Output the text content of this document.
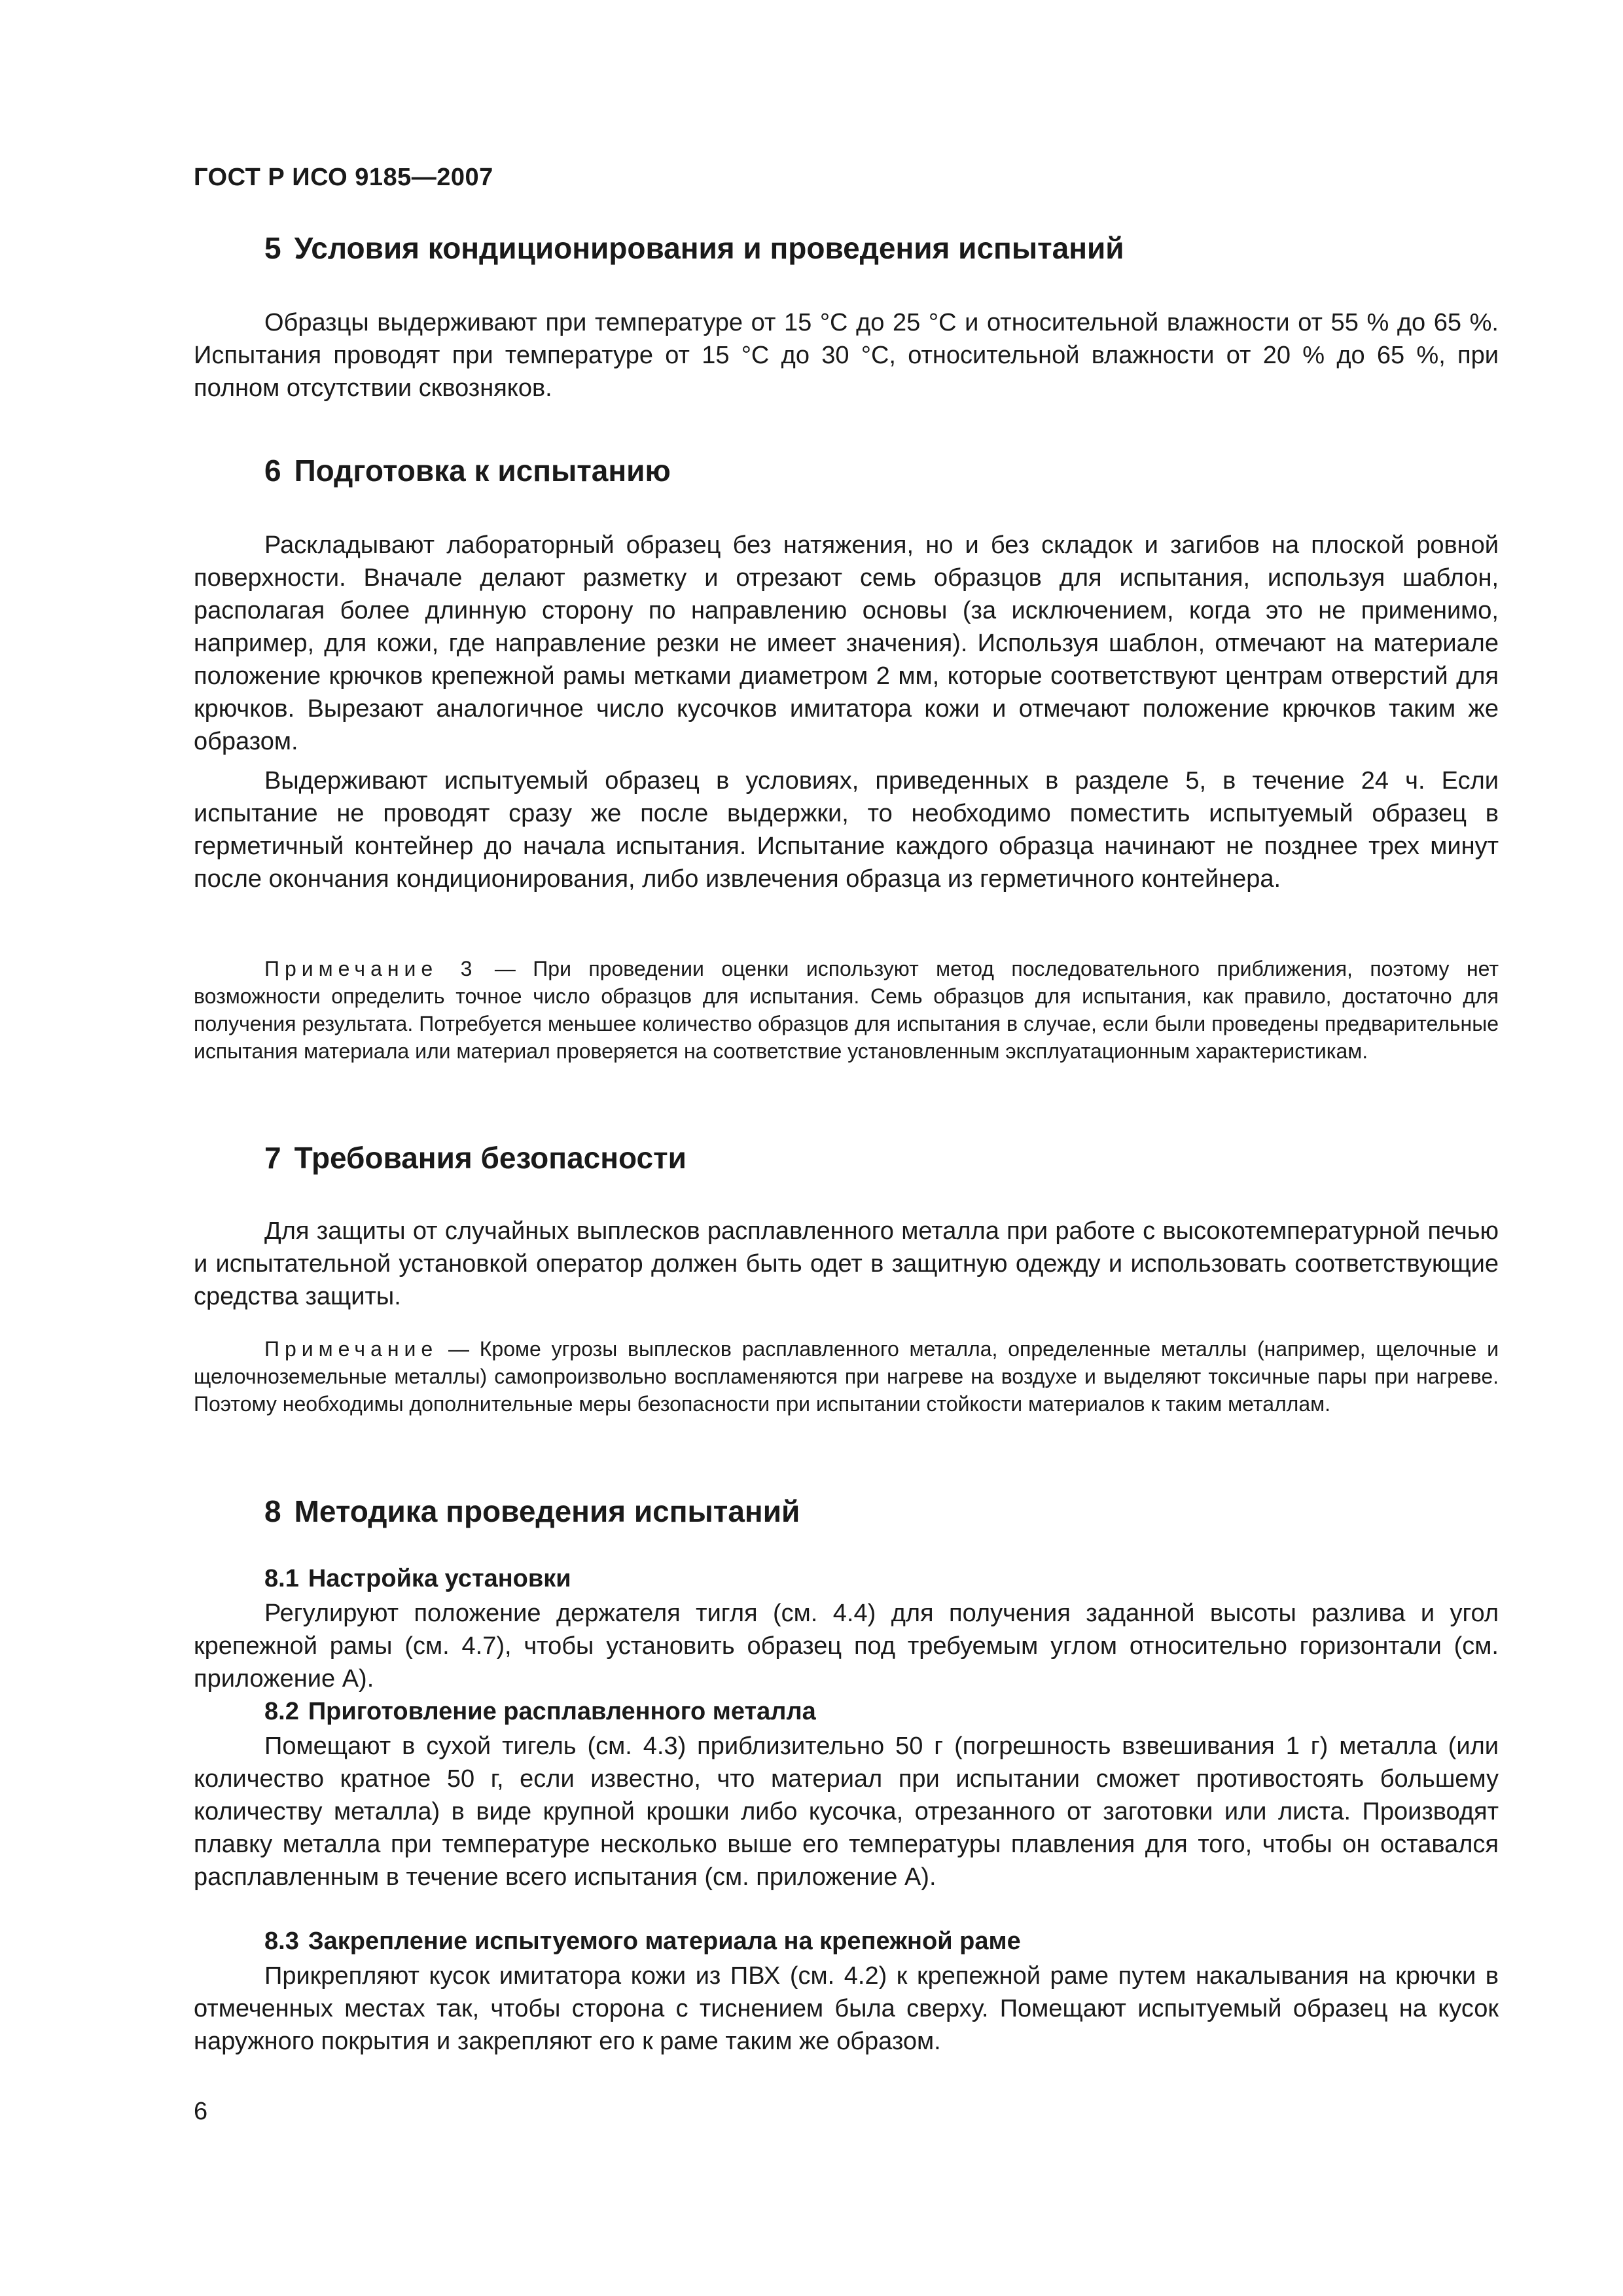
ГОСТ Р ИСО 9185—2007
5 Условия кондиционирования и проведения испытаний

Образцы выдерживают при температуре от 15 °С до 25 °С и относительной влажности от 55 % до 65 %. Испытания проводят при температуре от 15 °С до 30 °С, относительной влажности от 20 % до 65 %, при полном отсутствии сквозняков.

6 Подготовка к испытанию

Раскладывают лабораторный образец без натяжения, но и без складок и загибов на плоской ровной поверхности. Вначале делают разметку и отрезают семь образцов для испытания, используя шаблон, располагая более длинную сторону по направлению основы (за исключением, когда это не применимо, например, для кожи, где направление резки не имеет значения). Используя шаблон, отмечают на материале положение крючков крепежной рамы метками диаметром 2 мм, которые соответствуют центрам отверстий для крючков. Вырезают аналогичное число кусочков имитатора кожи и отмечают положение крючков таким же образом.

Выдерживают испытуемый образец в условиях, приведенных в разделе 5, в течение 24 ч. Если испытание не проводят сразу же после выдержки, то необходимо поместить испытуемый образец в герметичный контейнер до начала испытания. Испытание каждого образца начинают не позднее трех минут после окончания кондиционирования, либо извлечения образца из герметичного контейнера.

Примечание 3 — При проведении оценки используют метод последовательного приближения, поэтому нет возможности определить точное число образцов для испытания. Семь образцов для испытания, как правило, достаточно для получения результата. Потребуется меньшее количество образцов для испытания в случае, если были проведены предварительные испытания материала или материал проверяется на соответствие установленным эксплуатационным характеристикам.

7 Требования безопасности

Для защиты от случайных выплесков расплавленного металла при работе с высокотемпературной печью и испытательной установкой оператор должен быть одет в защитную одежду и использовать соответствующие средства защиты.

Примечание — Кроме угрозы выплесков расплавленного металла, определенные металлы (например, щелочные и щелочноземельные металлы) самопроизвольно воспламеняются при нагреве на воздухе и выделяют токсичные пары при нагреве. Поэтому необходимы дополнительные меры безопасности при испытании стойкости материалов к таким металлам.

8 Методика проведения испытаний
8.1 Настройка установки

Регулируют положение держателя тигля (см. 4.4) для получения заданной высоты разлива и угол крепежной рамы (см. 4.7), чтобы установить образец под требуемым углом относительно горизонтали (см. приложение А).

8.2 Приготовление расплавленного металла

Помещают в сухой тигель (см. 4.3) приблизительно 50 г (погрешность взвешивания 1 г) металла (или количество кратное 50 г, если известно, что материал при испытании сможет противостоять большему количеству металла) в виде крупной крошки либо кусочка, отрезанного от заготовки или листа. Производят плавку металла при температуре несколько выше его температуры плавления для того, чтобы он оставался расплавленным в течение всего испытания (см. приложение А).

8.3 Закрепление испытуемого материала на крепежной раме

Прикрепляют кусок имитатора кожи из ПВХ (см. 4.2) к крепежной раме путем накалывания на крючки в отмеченных местах так, чтобы сторона с тиснением была сверху. Помещают испытуемый образец на кусок наружного покрытия и закрепляют его к раме таким же образом.

6
